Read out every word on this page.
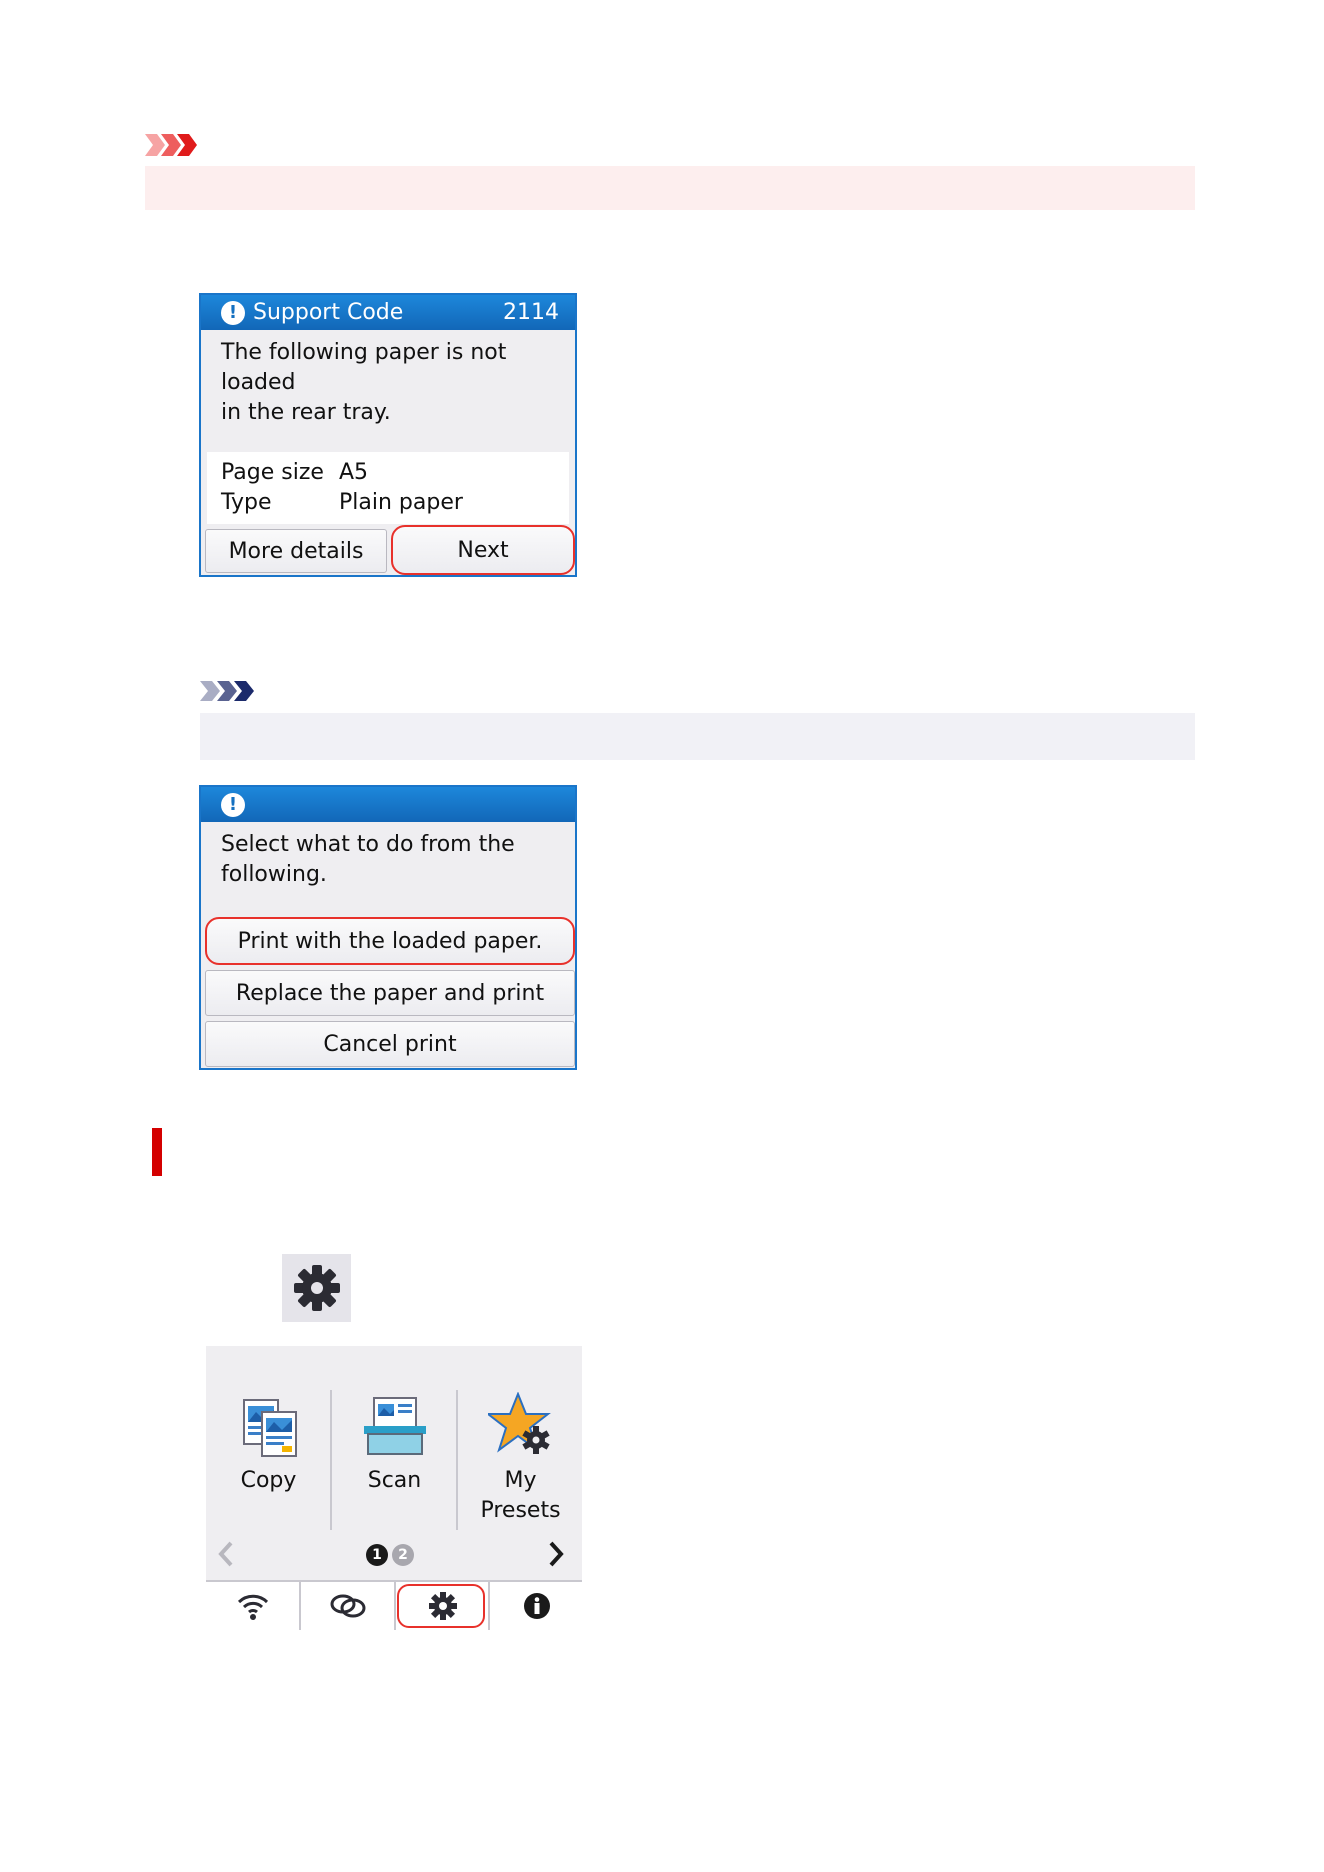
! Support Code	2114
The following paper is not loaded
in the rear tray.
Page size A5
Type	Plain paper
More details	Next
!
Select what to do from the
following.
Print with the loaded paper.
Replace the paper and print
Cancel print
Copy	Scan	My
Presets
1	2
